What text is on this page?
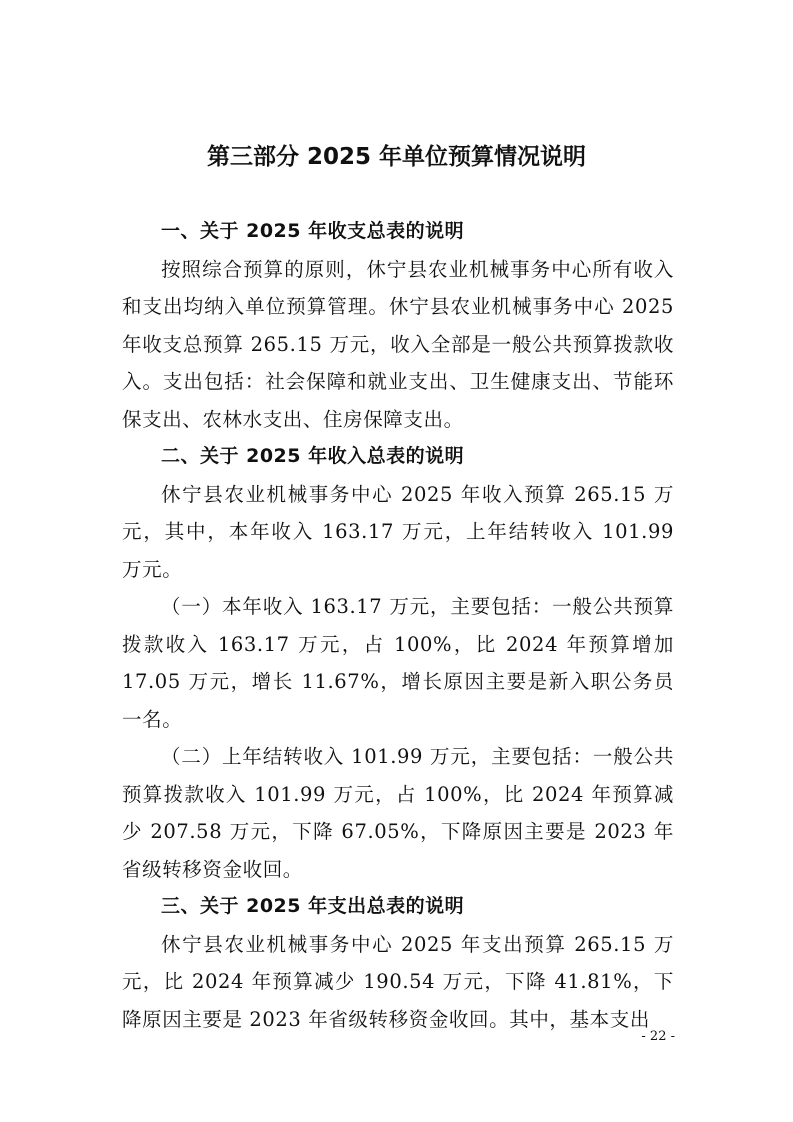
第三部分 2025 年单位预算情况说明
一、关于 2025 年收支总表的说明

按照综合预算的原则，休宁县农业机械事务中心所有收入和支出均纳入单位预算管理。休宁县农业机械事务中心 2025 年收支总预算 265.15 万元，收入全部是一般公共预算拨款收入。支出包括：社会保障和就业支出、卫生健康支出、节能环保支出、农林水支出、住房保障支出。

二、关于 2025 年收入总表的说明

休宁县农业机械事务中心 2025 年收入预算 265.15 万元，其中，本年收入 163.17 万元，上年结转收入 101.99 万元。

（一）本年收入 163.17 万元，主要包括：一般公共预算拨款收入 163.17 万元，占 100%，比 2024 年预算增加 17.05 万元，增长 11.67%，增长原因主要是新入职公务员一名。

（二）上年结转收入 101.99 万元，主要包括：一般公共预算拨款收入 101.99 万元，占 100%，比 2024 年预算减少 207.58 万元，下降 67.05%，下降原因主要是 2023 年省级转移资金收回。

三、关于 2025 年支出总表的说明

休宁县农业机械事务中心 2025 年支出预算 265.15 万元，比 2024 年预算减少 190.54 万元，下降 41.81%，下降原因主要是 2023 年省级转移资金收回。其中，基本支出

- 22 -
